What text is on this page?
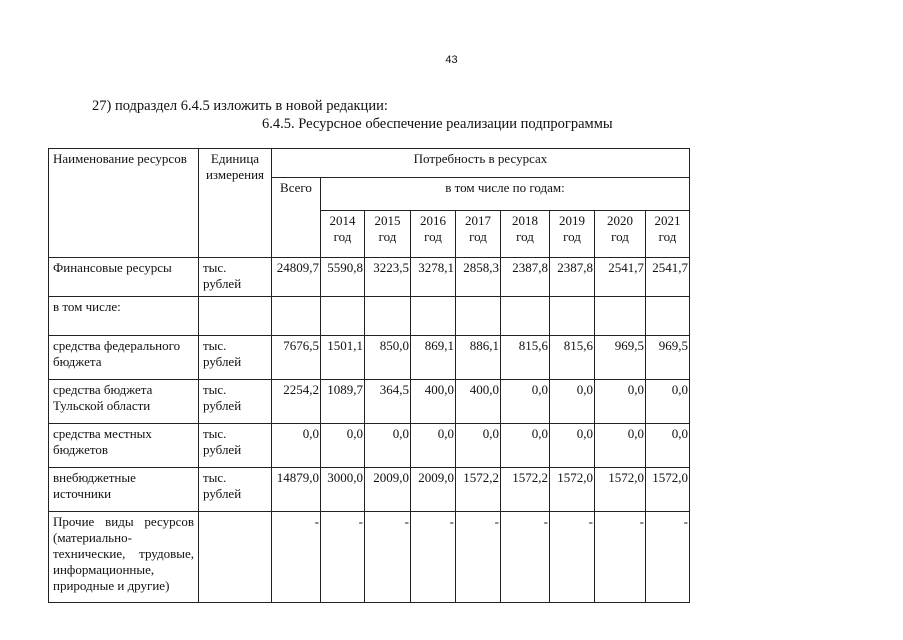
43
27) подраздел 6.4.5 изложить в новой редакции:
6.4.5. Ресурсное обеспечение реализации подпрограммы
Наименование ресурсов	Единица измерения	Потребность в ресурсах								
		Всего	в том числе по годам:							
			2014 год	2015 год	2016 год	2017 год	2018 год	2019 год	2020 год	2021 год
Финансовые ресурсы	тыс. рублей	24809,7	5590,8	3223,5	3278,1	2858,3	2387,8	2387,8	2541,7	2541,7
в том числе:										
средства федерального бюджета	тыс. рублей	7676,5	1501,1	850,0	869,1	886,1	815,6	815,6	969,5	969,5
средства бюджета Тульской области	тыс. рублей	2254,2	1089,7	364,5	400,0	400,0	0,0	0,0	0,0	0,0
средства местных бюджетов	тыс. рублей	0,0	0,0	0,0	0,0	0,0	0,0	0,0	0,0	0,0
внебюджетные источники	тыс. рублей	14879,0	3000,0	2009,0	2009,0	1572,2	1572,2	1572,0	1572,0	1572,0
Прочие виды ресурсов (материально-технические, трудовые, информационные, природные и другие)		-	-	-	-	-	-	-	-	-
